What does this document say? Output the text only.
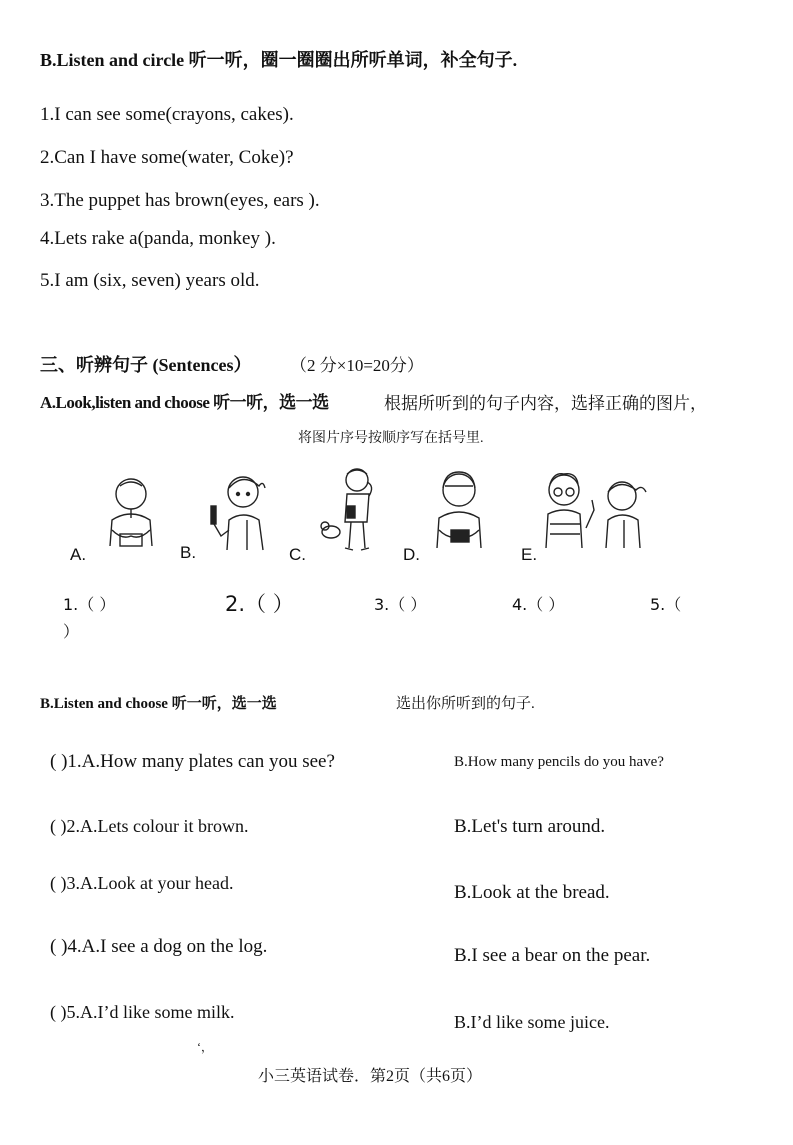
B.Listen and circle 听一听，圈一圈圈出所听单词，补全句子.
1.I can see some(crayons, cakes).
2.Can I have some(water, Coke)?
3.The puppet has brown(eyes, ears ).
4.Lets rake a(panda, monkey ).
5.I am (six, seven) years old.
三、听辨句子 (Sentences） （2 分×10=20分）
A.Look,listen and choose 听一听，选一选	根据所听到的句子内容，选择正确的图片，
将图片序号按顺序写在括号里.
A.	B.	C.	D.	E.
1.（ ）	2.（ ）	3.（ ）	4.（ ）	5.（
）
B.Listen and choose 听一听，选一选	选出你所听到的句子.
( )1.A.How many plates can you see?	B.How many pencils do you have?
( )2.A.Lets colour it brown.	B.Let's turn around.
( )3.A.Look at your head.	B.Look at the bread.
( )4.A.I see a dog on the log.	B.I see a bear on the pear.
( )5.A.I’d like some milk.	B.I’d like some juice.
‘，
小三英语试卷．第2页（共6页）
